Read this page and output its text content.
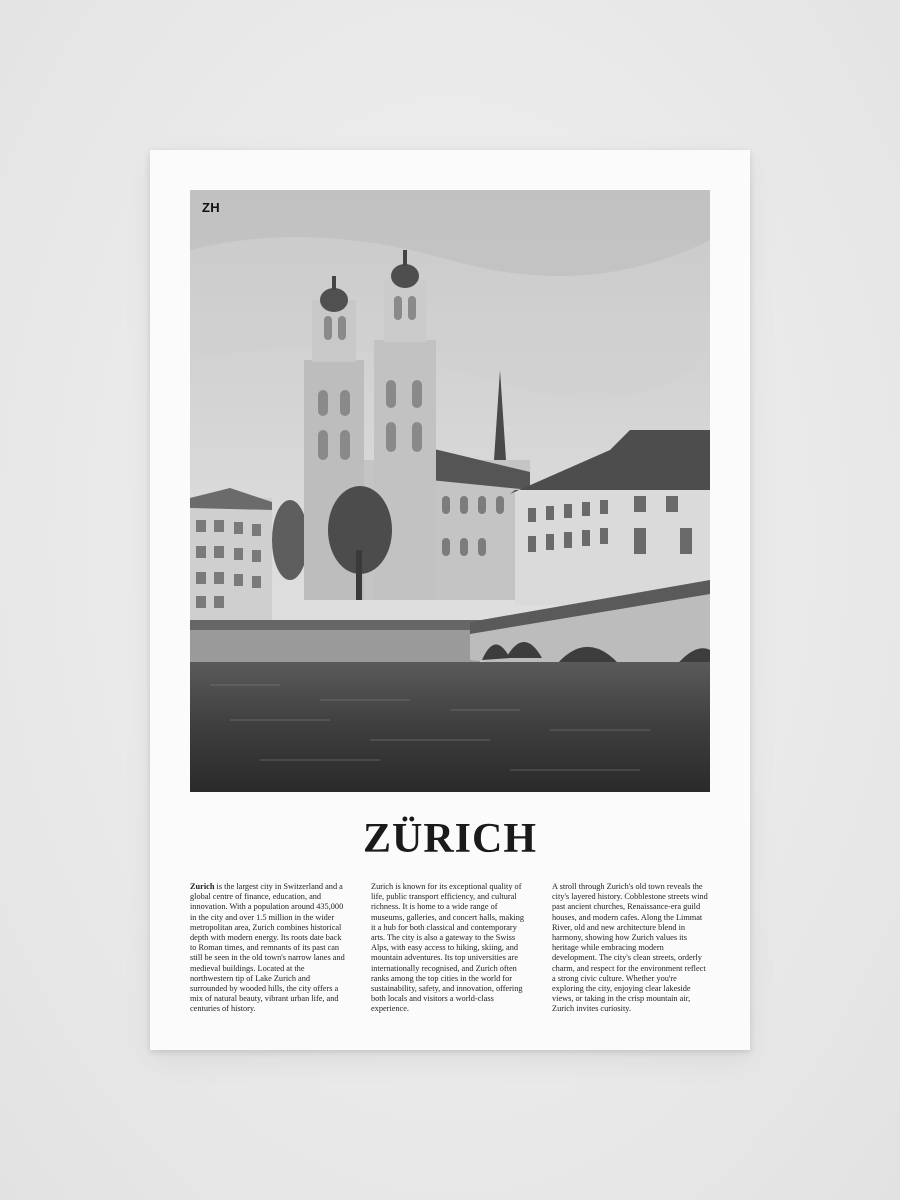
ZH
ZÜRICH

Zurich is the largest city in Switzerland and a global centre of finance, education, and innovation. With a population around 435,000 in the city and over 1.5 million in the wider metropolitan area, Zurich combines historical depth with modern energy. Its roots date back to Roman times, and remnants of its past can still be seen in the old town's narrow lanes and medieval buildings. Located at the northwestern tip of Lake Zurich and surrounded by wooded hills, the city offers a mix of natural beauty, vibrant urban life, and centuries of history.

Zurich is known for its exceptional quality of life, public transport efficiency, and cultural richness. It is home to a wide range of museums, galleries, and concert halls, making it a hub for both classical and contemporary arts. The city is also a gateway to the Swiss Alps, with easy access to hiking, skiing, and mountain adventures. Its top universities are internationally recognised, and Zurich often ranks among the top cities in the world for sustainability, safety, and innovation, offering both locals and visitors a world-class experience.

A stroll through Zurich's old town reveals the city's layered history. Cobblestone streets wind past ancient churches, Renaissance-era guild houses, and modern cafes. Along the Limmat River, old and new architecture blend in harmony, showing how Zurich values its heritage while embracing modern development. The city's clean streets, orderly charm, and respect for the environment reflect a strong civic culture. Whether you're exploring the city, enjoying clear lakeside views, or taking in the crisp mountain air, Zurich invites curiosity.
